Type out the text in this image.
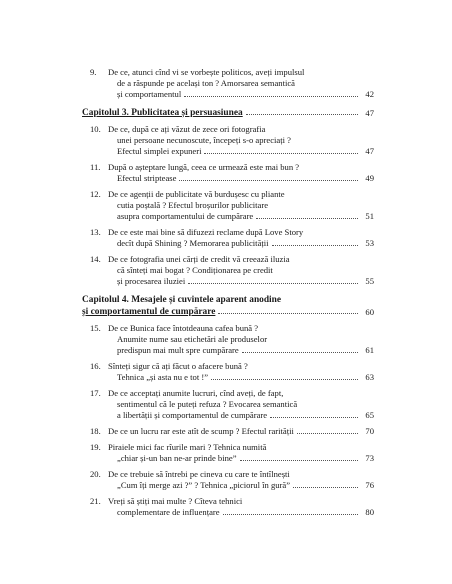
9. De ce, atunci cînd vi se vorbește politicos, aveți impulsul
de a răspunde pe același ton ? Amorsarea semantică
și comportamentul	42
Capitolul 3. Publicitatea și persuasiunea	47
10. De ce, după ce ați văzut de zece ori fotografia
unei persoane necunoscute, începeți s-o apreciați ?
Efectul simplei expuneri	47
11. După o așteptare lungă, ceea ce urmează este mai bun ?
Efectul striptease	49
12. De ce agenții de publicitate vă burdușesc cu pliante
cutia poștală ? Efectul broșurilor publicitare
asupra comportamentului de cumpărare	51
13. De ce este mai bine să difuzezi reclame după Love Story
decît după Shining ? Memorarea publicității	53
14. De ce fotografia unei cărți de credit vă creează iluzia
că sînteți mai bogat ? Condiționarea pe credit
și procesarea iluziei	55
Capitolul 4. Mesajele și cuvintele aparent anodine
și comportamentul de cumpărare	60
15. De ce Bunica face întotdeauna cafea bună ?
Anumite nume sau etichetări ale produselor
predispun mai mult spre cumpărare	61
16. Sînteți sigur că ați făcut o afacere bună ?
Tehnica „și asta nu e tot !”	63
17. De ce acceptați anumite lucruri, cînd aveți, de fapt,
sentimentul că le puteți refuza ? Evocarea semantică
a libertății și comportamentul de cumpărare	65
18. De ce un lucru rar este atît de scump ? Efectul rarității	70
19. Piraiele mici fac rîurile mari ? Tehnica numită
„chiar și-un ban ne-ar prinde bine”	73
20. De ce trebuie să întrebi pe cineva cu care te întîlnești
„Cum îți merge azi ?” ? Tehnica „piciorul în gură”	76
21. Vreți să știți mai multe ? Cîteva tehnici
complementare de influențare	80
